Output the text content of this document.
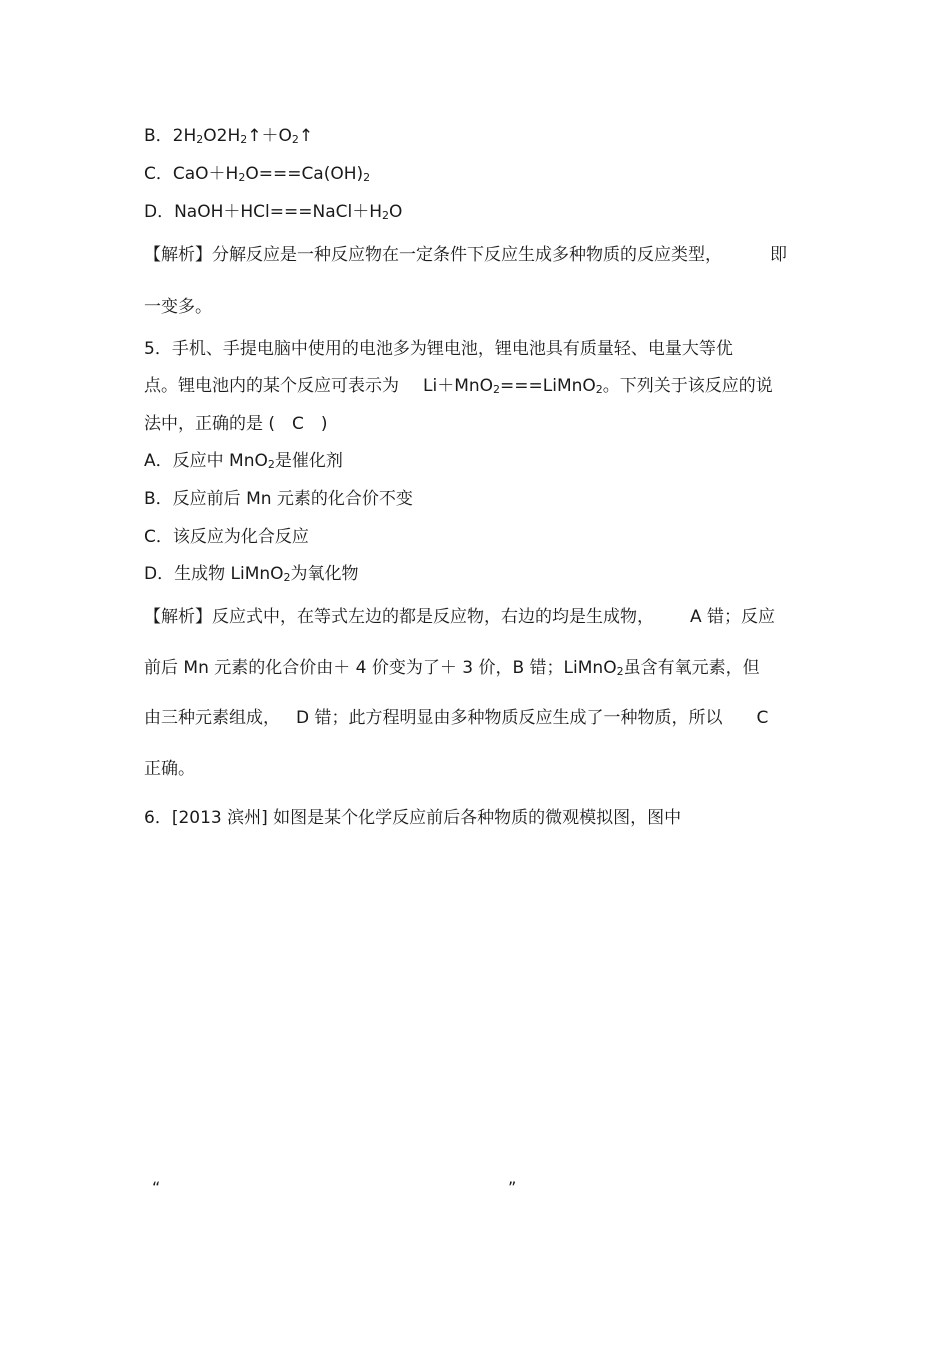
B．$2H_2O2H_2↑+O_2↑$
C．$CaO+H_2O===Ca(OH)_2$
D．$NaOH+HCl===NaCl+H_2O$
【解析】分解反应是一种反应物在一定条件下反应生成多种物质的反应类型，	即
一变多。
5．手机、手提电脑中使用的电池多为锂电池，锂电池具有质量轻、电量大等优
点。锂电池内的某个反应可表示为 Li＋MnO$_2$===LiMnO$_2$。下列关于该反应的说
法中，正确的是 (　C　)
A．反应中 MnO$_2$是催化剂
B．反应前后 Mn 元素的化合价不变
C．该反应为化合反应
D．生成物 LiMnO$_2$为氧化物
【解析】反应式中，在等式左边的都是反应物，右边的均是生成物， A 错；反应
前后 Mn 元素的化合价由＋ 4 价变为了＋ 3 价，B 错；LiMnO$_2$虽含有氧元素，但
由三种元素组成， D 错；此方程明显由多种物质反应生成了一种物质，所以 C
正确。
6．[2013 滨州] 如图是某个化学反应前后各种物质的微观模拟图，图中
“	”
